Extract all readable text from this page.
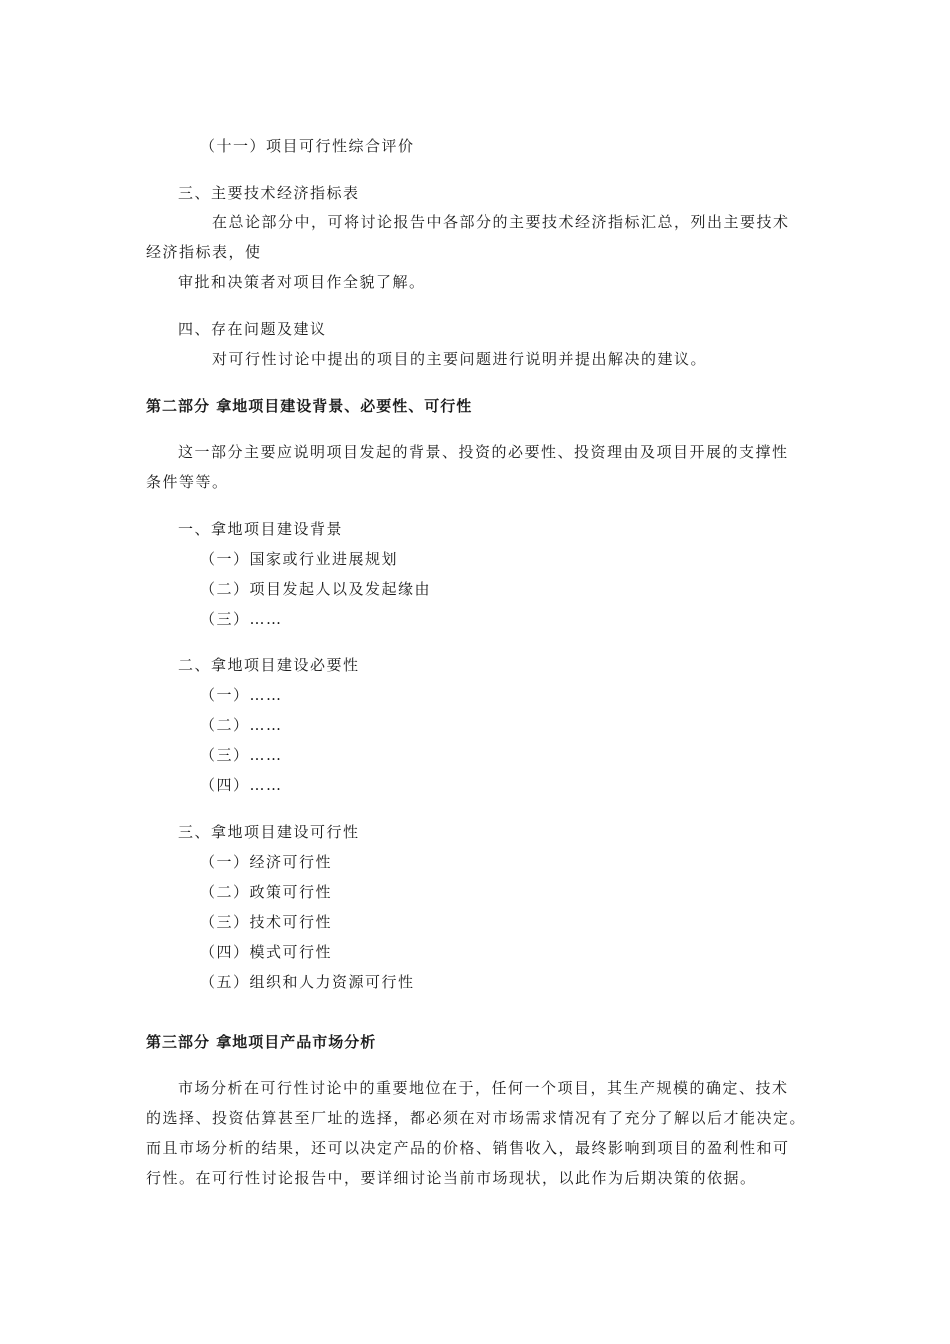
（十一）项目可行性综合评价
三、主要技术经济指标表
在总论部分中，可将讨论报告中各部分的主要技术经济指标汇总，列出主要技术
经济指标表，使
审批和决策者对项目作全貌了解。
四、存在问题及建议
对可行性讨论中提出的项目的主要问题进行说明并提出解决的建议。
第二部分 拿地项目建设背景、必要性、可行性
这一部分主要应说明项目发起的背景、投资的必要性、投资理由及项目开展的支撑性
条件等等。
一、拿地项目建设背景
（一）国家或行业进展规划
（二）项目发起人以及发起缘由
（三）……
二、拿地项目建设必要性
（一）……
（二）……
（三）……
（四）……
三、拿地项目建设可行性
（一）经济可行性
（二）政策可行性
（三）技术可行性
（四）模式可行性
（五）组织和人力资源可行性
第三部分 拿地项目产品市场分析
市场分析在可行性讨论中的重要地位在于，任何一个项目，其生产规模的确定、技术
的选择、投资估算甚至厂址的选择，都必须在对市场需求情况有了充分了解以后才能决定。
而且市场分析的结果，还可以决定产品的价格、销售收入，最终影响到项目的盈利性和可
行性。在可行性讨论报告中，要详细讨论当前市场现状，以此作为后期决策的依据。
